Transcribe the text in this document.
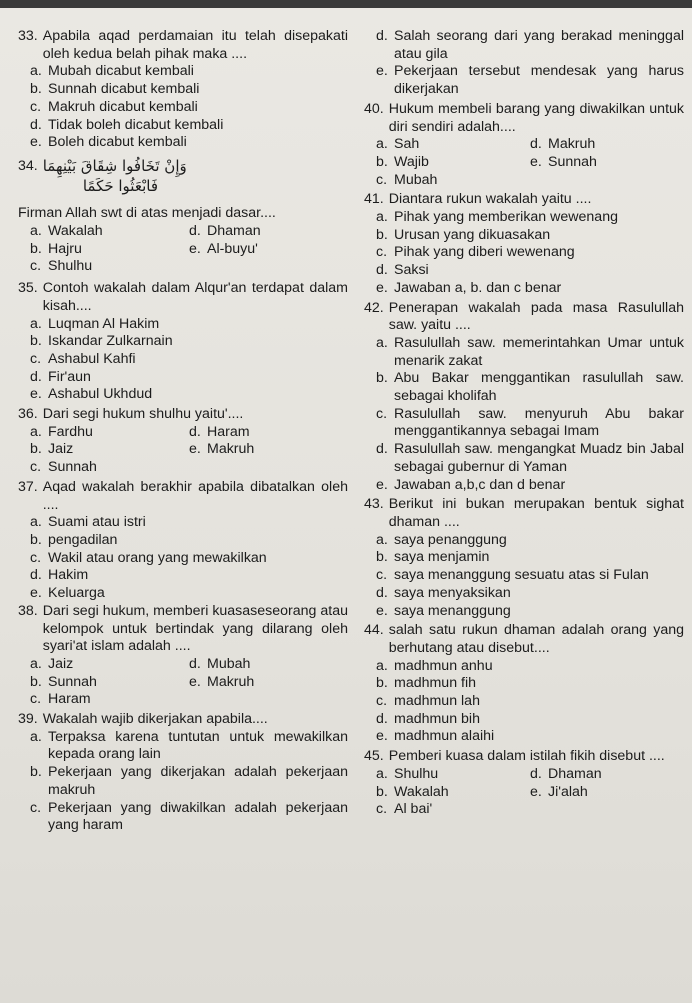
33. Apabila aqad perdamaian itu telah disepakati oleh kedua belah pihak maka ....
a. Mubah dicabut kembali
b. Sunnah dicabut kembali
c. Makruh dicabut kembali
d. Tidak boleh dicabut kembali
e. Boleh dicabut kembali
34. وَإِنْ تَخَافُوا شِقَاقَ بَيْنِهِمَا
فَابْعَثُوا حَكَمًا
Firman Allah swt di atas menjadi dasar....
a. Wakalah	d. Dhaman
b. Hajru	e. Al-buyu'
c. Shulhu
35. Contoh wakalah dalam Alqur'an terdapat dalam kisah....
a. Luqman Al Hakim
b. Iskandar Zulkarnain
c. Ashabul Kahfi
d. Fir'aun
e. Ashabul Ukhdud
36. Dari segi hukum shulhu yaitu'....
a. Fardhu	d. Haram
b. Jaiz	e. Makruh
c. Sunnah
37. Aqad wakalah berakhir apabila dibatalkan oleh ....
a. Suami atau istri
b. pengadilan
c. Wakil atau orang yang mewakilkan
d. Hakim
e. Keluarga
38. Dari segi hukum, memberi kuasaseseorang atau kelompok untuk bertindak yang dilarang oleh syari'at islam adalah ....
a. Jaiz	d. Mubah
b. Sunnah	e. Makruh
c. Haram
39. Wakalah wajib dikerjakan apabila....
a. Terpaksa karena tuntutan untuk mewakilkan kepada orang lain
b. Pekerjaan yang dikerjakan adalah pekerjaan makruh
c. Pekerjaan yang diwakilkan adalah pekerjaan yang haram
d. Salah seorang dari yang berakad meninggal atau gila
e. Pekerjaan tersebut mendesak yang harus dikerjakan
40. Hukum membeli barang yang diwakilkan untuk diri sendiri adalah....
a. Sah	d. Makruh
b. Wajib	e. Sunnah
c. Mubah
41. Diantara rukun wakalah yaitu ....
a. Pihak yang memberikan wewenang
b. Urusan yang dikuasakan
c. Pihak yang diberi wewenang
d. Saksi
e. Jawaban a, b. dan c benar
42. Penerapan wakalah pada masa Rasulullah saw. yaitu ....
a. Rasulullah saw. memerintahkan Umar untuk menarik zakat
b. Abu Bakar menggantikan rasulullah saw. sebagai kholifah
c. Rasulullah saw. menyuruh Abu bakar menggantikannya sebagai Imam
d. Rasulullah saw. mengangkat Muadz bin Jabal sebagai gubernur di Yaman
e. Jawaban a,b,c dan d benar
43. Berikut ini bukan merupakan bentuk sighat dhaman ....
a. saya penanggung
b. saya menjamin
c. saya menanggung sesuatu atas si Fulan
d. saya menyaksikan
e. saya menanggung
44. salah satu rukun dhaman adalah orang yang berhutang atau disebut....
a. madhmun anhu
b. madhmun fih
c. madhmun lah
d. madhmun bih
e. madhmun alaihi
45. Pemberi kuasa dalam istilah fikih disebut ....
a. Shulhu	d. Dhaman
b. Wakalah	e. Ji'alah
c. Al bai'
